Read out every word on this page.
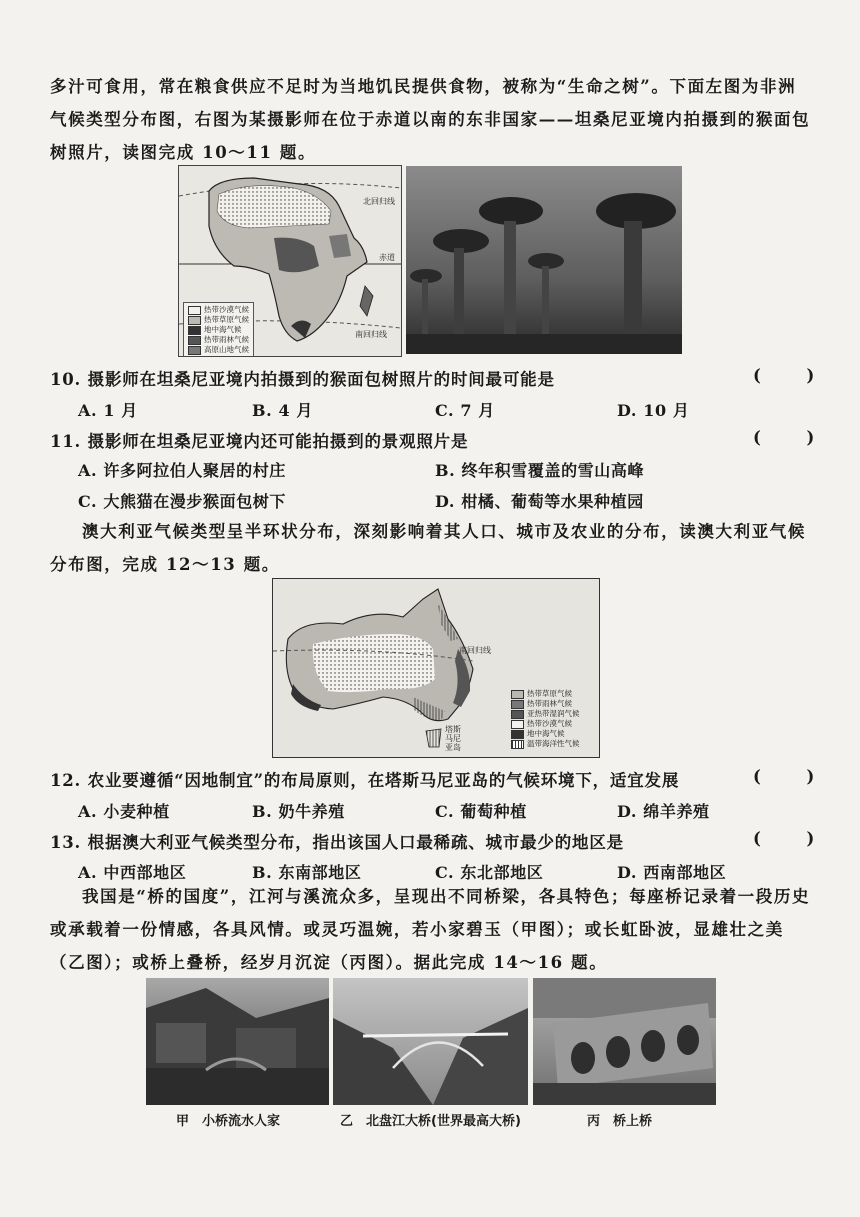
多汁可食用，常在粮食供应不足时为当地饥民提供食物，被称为“生命之树”。下面左图为非洲气候类型分布图，右图为某摄影师在位于赤道以南的东非国家——坦桑尼亚境内拍摄到的猴面包树照片，读图完成 10～11 题。
北回归线
赤道
南回归线
热带沙漠气候
热带草原气候
地中海气候
热带雨林气候
高原山地气候
10. 摄影师在坦桑尼亚境内拍摄到的猴面包树照片的时间最可能是	( )
A. 1 月	B. 4 月	C. 7 月	D. 10 月
11. 摄影师在坦桑尼亚境内还可能拍摄到的景观照片是	( )
A. 许多阿拉伯人聚居的村庄	B. 终年积雪覆盖的雪山高峰
C. 大熊猫在漫步猴面包树下	D. 柑橘、葡萄等水果种植园
澳大利亚气候类型呈半环状分布，深刻影响着其人口、城市及农业的分布，读澳大利亚气候分布图，完成 12～13 题。
南回归线
塔斯马尼亚岛
热带草原气候
热带雨林气候
亚热带湿润气候
热带沙漠气候
地中海气候
温带海洋性气候
12. 农业要遵循“因地制宜”的布局原则，在塔斯马尼亚岛的气候环境下，适宜发展	( )
A. 小麦种植	B. 奶牛养殖	C. 葡萄种植	D. 绵羊养殖
13. 根据澳大利亚气候类型分布，指出该国人口最稀疏、城市最少的地区是	( )
A. 中西部地区	B. 东南部地区	C. 东北部地区	D. 西南部地区
我国是“桥的国度”，江河与溪流众多，呈现出不同桥梁，各具特色；每座桥记录着一段历史或承载着一份情感，各具风情。或灵巧温婉，若小家碧玉（甲图）；或长虹卧波，显雄壮之美（乙图）；或桥上叠桥，经岁月沉淀（丙图）。据此完成 14～16 题。
甲　小桥流水人家	乙　北盘江大桥(世界最高大桥)	丙　桥上桥
